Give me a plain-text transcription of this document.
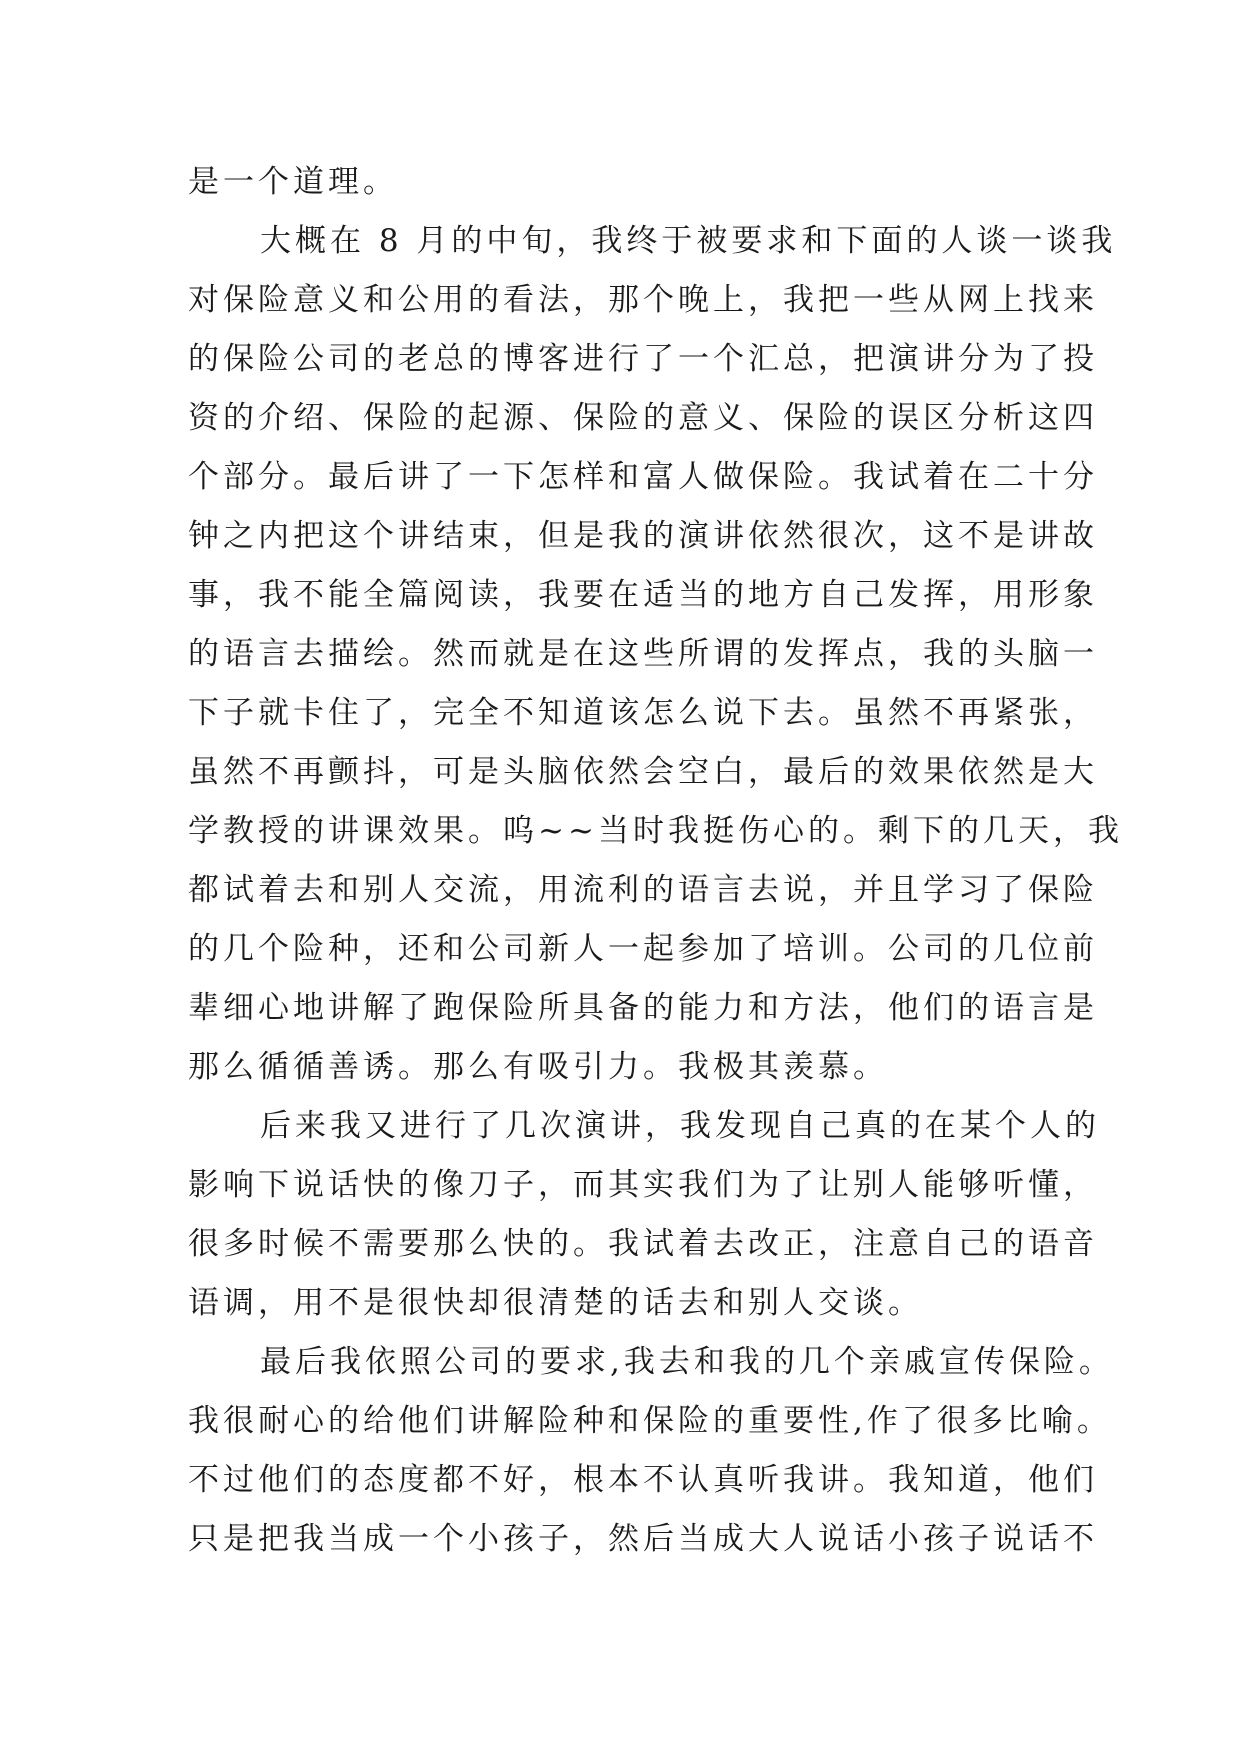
是一个道理。
大概在 8 月的中旬，我终于被要求和下面的人谈一谈我
对保险意义和公用的看法，那个晚上，我把一些从网上找来
的保险公司的老总的博客进行了一个汇总，把演讲分为了投
资的介绍、保险的起源、保险的意义、保险的误区分析这四
个部分。最后讲了一下怎样和富人做保险。我试着在二十分
钟之内把这个讲结束，但是我的演讲依然很次，这不是讲故
事，我不能全篇阅读，我要在适当的地方自己发挥，用形象
的语言去描绘。然而就是在这些所谓的发挥点，我的头脑一
下子就卡住了，完全不知道该怎么说下去。虽然不再紧张，
虽然不再颤抖，可是头脑依然会空白，最后的效果依然是大
学教授的讲课效果。呜~~当时我挺伤心的。剩下的几天，我
都试着去和别人交流，用流利的语言去说，并且学习了保险
的几个险种，还和公司新人一起参加了培训。公司的几位前
辈细心地讲解了跑保险所具备的能力和方法，他们的语言是
那么循循善诱。那么有吸引力。我极其羡慕。
后来我又进行了几次演讲，我发现自己真的在某个人的
影响下说话快的像刀子，而其实我们为了让别人能够听懂，
很多时候不需要那么快的。我试着去改正，注意自己的语音
语调，用不是很快却很清楚的话去和别人交谈。
最后我依照公司的要求,我去和我的几个亲戚宣传保险。
我很耐心的给他们讲解险种和保险的重要性,作了很多比喻。
不过他们的态度都不好，根本不认真听我讲。我知道，他们
只是把我当成一个小孩子，然后当成大人说话小孩子说话不
